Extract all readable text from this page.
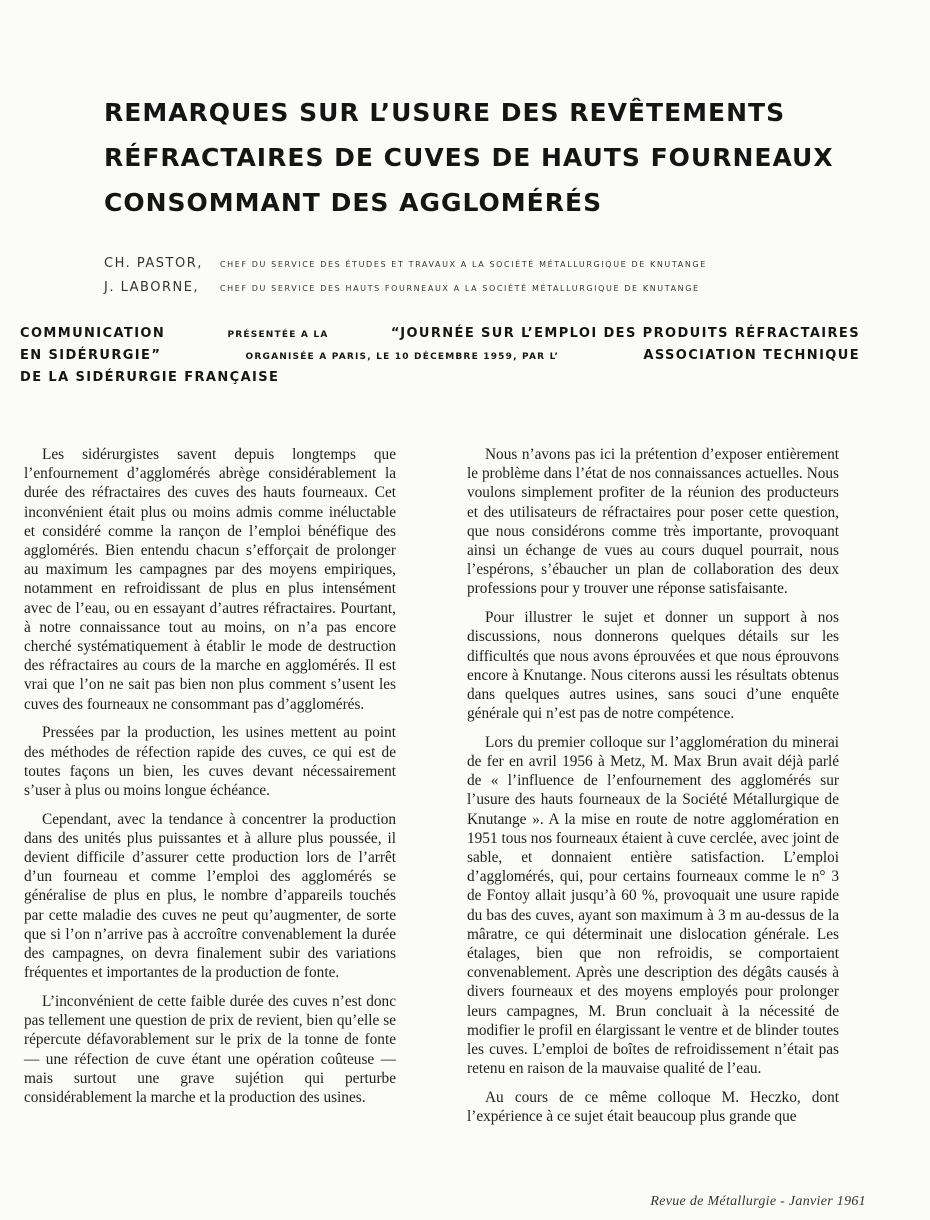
REMARQUES SUR L’USURE DES REVÊTEMENTS
RÉFRACTAIRES DE CUVES DE HAUTS FOURNEAUX
CONSOMMANT DES AGGLOMÉRÉS
CH. PASTOR, CHEF DU SERVICE DES ÉTUDES ET TRAVAUX A LA SOCIÉTÉ MÉTALLURGIQUE DE KNUTANGE
J. LABORNE,	CHEF DU SERVICE DES HAUTS FOURNEAUX A LA SOCIÉTÉ MÉTALLURGIQUE DE KNUTANGE
COMMUNICATION	PRÉSENTÉE A LA	“JOURNÉE SUR L’EMPLOI DES PRODUITS RÉFRACTAIRES
EN SIDÉRURGIE”	ORGANISÉE A PARIS, LE 10 DÉCEMBRE 1959, PAR L’	ASSOCIATION TECHNIQUE
DE LA SIDÉRURGIE FRANÇAISE

Les sidérurgistes savent depuis longtemps que l’enfournement d’agglomérés abrège considérablement la durée des réfractaires des cuves des hauts fourneaux. Cet inconvénient était plus ou moins admis comme inéluctable et considéré comme la rançon de l’emploi bénéfique des agglomérés. Bien entendu chacun s’efforçait de prolonger au maximum les campagnes par des moyens empiriques, notamment en refroidissant de plus en plus intensément avec de l’eau, ou en essayant d’autres réfractaires. Pourtant, à notre connaissance tout au moins, on n’a pas encore cherché systématiquement à établir le mode de destruction des réfractaires au cours de la marche en agglomérés. Il est vrai que l’on ne sait pas bien non plus comment s’usent les cuves des fourneaux ne consommant pas d’agglomérés.

Pressées par la production, les usines mettent au point des méthodes de réfection rapide des cuves, ce qui est de toutes façons un bien, les cuves devant nécessairement s’user à plus ou moins longue échéance.

Cependant, avec la tendance à concentrer la production dans des unités plus puissantes et à allure plus poussée, il devient difficile d’assurer cette production lors de l’arrêt d’un fourneau et comme l’emploi des agglomérés se généralise de plus en plus, le nombre d’appareils touchés par cette maladie des cuves ne peut qu’augmenter, de sorte que si l’on n’arrive pas à accroître convenablement la durée des campagnes, on devra finalement subir des variations fréquentes et importantes de la production de fonte.

L’inconvénient de cette faible durée des cuves n’est donc pas tellement une question de prix de revient, bien qu’elle se répercute défavorablement sur le prix de la tonne de fonte — une réfection de cuve étant une opération coûteuse — mais surtout une grave sujétion qui perturbe considérablement la marche et la production des usines.

Nous n’avons pas ici la prétention d’exposer entièrement le problème dans l’état de nos connaissances actuelles. Nous voulons simplement profiter de la réunion des producteurs et des utilisateurs de réfractaires pour poser cette question, que nous considérons comme très importante, provoquant ainsi un échange de vues au cours duquel pourrait, nous l’espérons, s’ébaucher un plan de collaboration des deux professions pour y trouver une réponse satisfaisante.

Pour illustrer le sujet et donner un support à nos discussions, nous donnerons quelques détails sur les difficultés que nous avons éprouvées et que nous éprouvons encore à Knutange. Nous citerons aussi les résultats obtenus dans quelques autres usines, sans souci d’une enquête générale qui n’est pas de notre compétence.

Lors du premier colloque sur l’agglomération du minerai de fer en avril 1956 à Metz, M. Max Brun avait déjà parlé de « l’influence de l’enfournement des agglomérés sur l’usure des hauts fourneaux de la Société Métallurgique de Knutange ». A la mise en route de notre agglomération en 1951 tous nos fourneaux étaient à cuve cerclée, avec joint de sable, et donnaient entière satisfaction. L’emploi d’agglomérés, qui, pour certains fourneaux comme le n° 3 de Fontoy allait jusqu’à 60 %, provoquait une usure rapide du bas des cuves, ayant son maximum à 3 m au-dessus de la mâratre, ce qui déterminait une dislocation générale. Les étalages, bien que non refroidis, se comportaient convenablement. Après une description des dégâts causés à divers fourneaux et des moyens employés pour prolonger leurs campagnes, M. Brun concluait à la nécessité de modifier le profil en élargissant le ventre et de blinder toutes les cuves. L’emploi de boîtes de refroidissement n’était pas retenu en raison de la mauvaise qualité de l’eau.

Au cours de ce même colloque M. Heczko, dont l’expérience à ce sujet était beaucoup plus grande que

Revue de Métallurgie - Janvier 1961
